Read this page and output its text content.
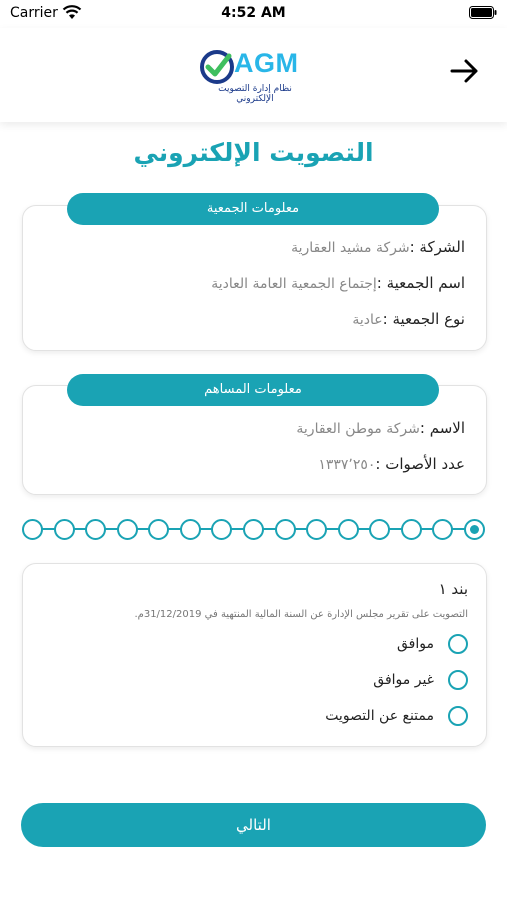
Carrier	4:52 AM
AGM
نظام إدارة التصويت الإلكتروني
التصويت الإلكتروني
معلومات الجمعية
الشركة :شركة مشيد العقارية
اسم الجمعية :إجتماع الجمعية العامة العادية
نوع الجمعية :عادية
معلومات المساهم
الاسم :شركة موطن العقارية
عدد الأصوات :١٣٣٧٬٢٥٠
بند ١
التصويت على تقرير مجلس الإدارة عن السنة المالية المنتهية في 31/12/2019م.
موافق
غير موافق
ممتنع عن التصويت
التالي
